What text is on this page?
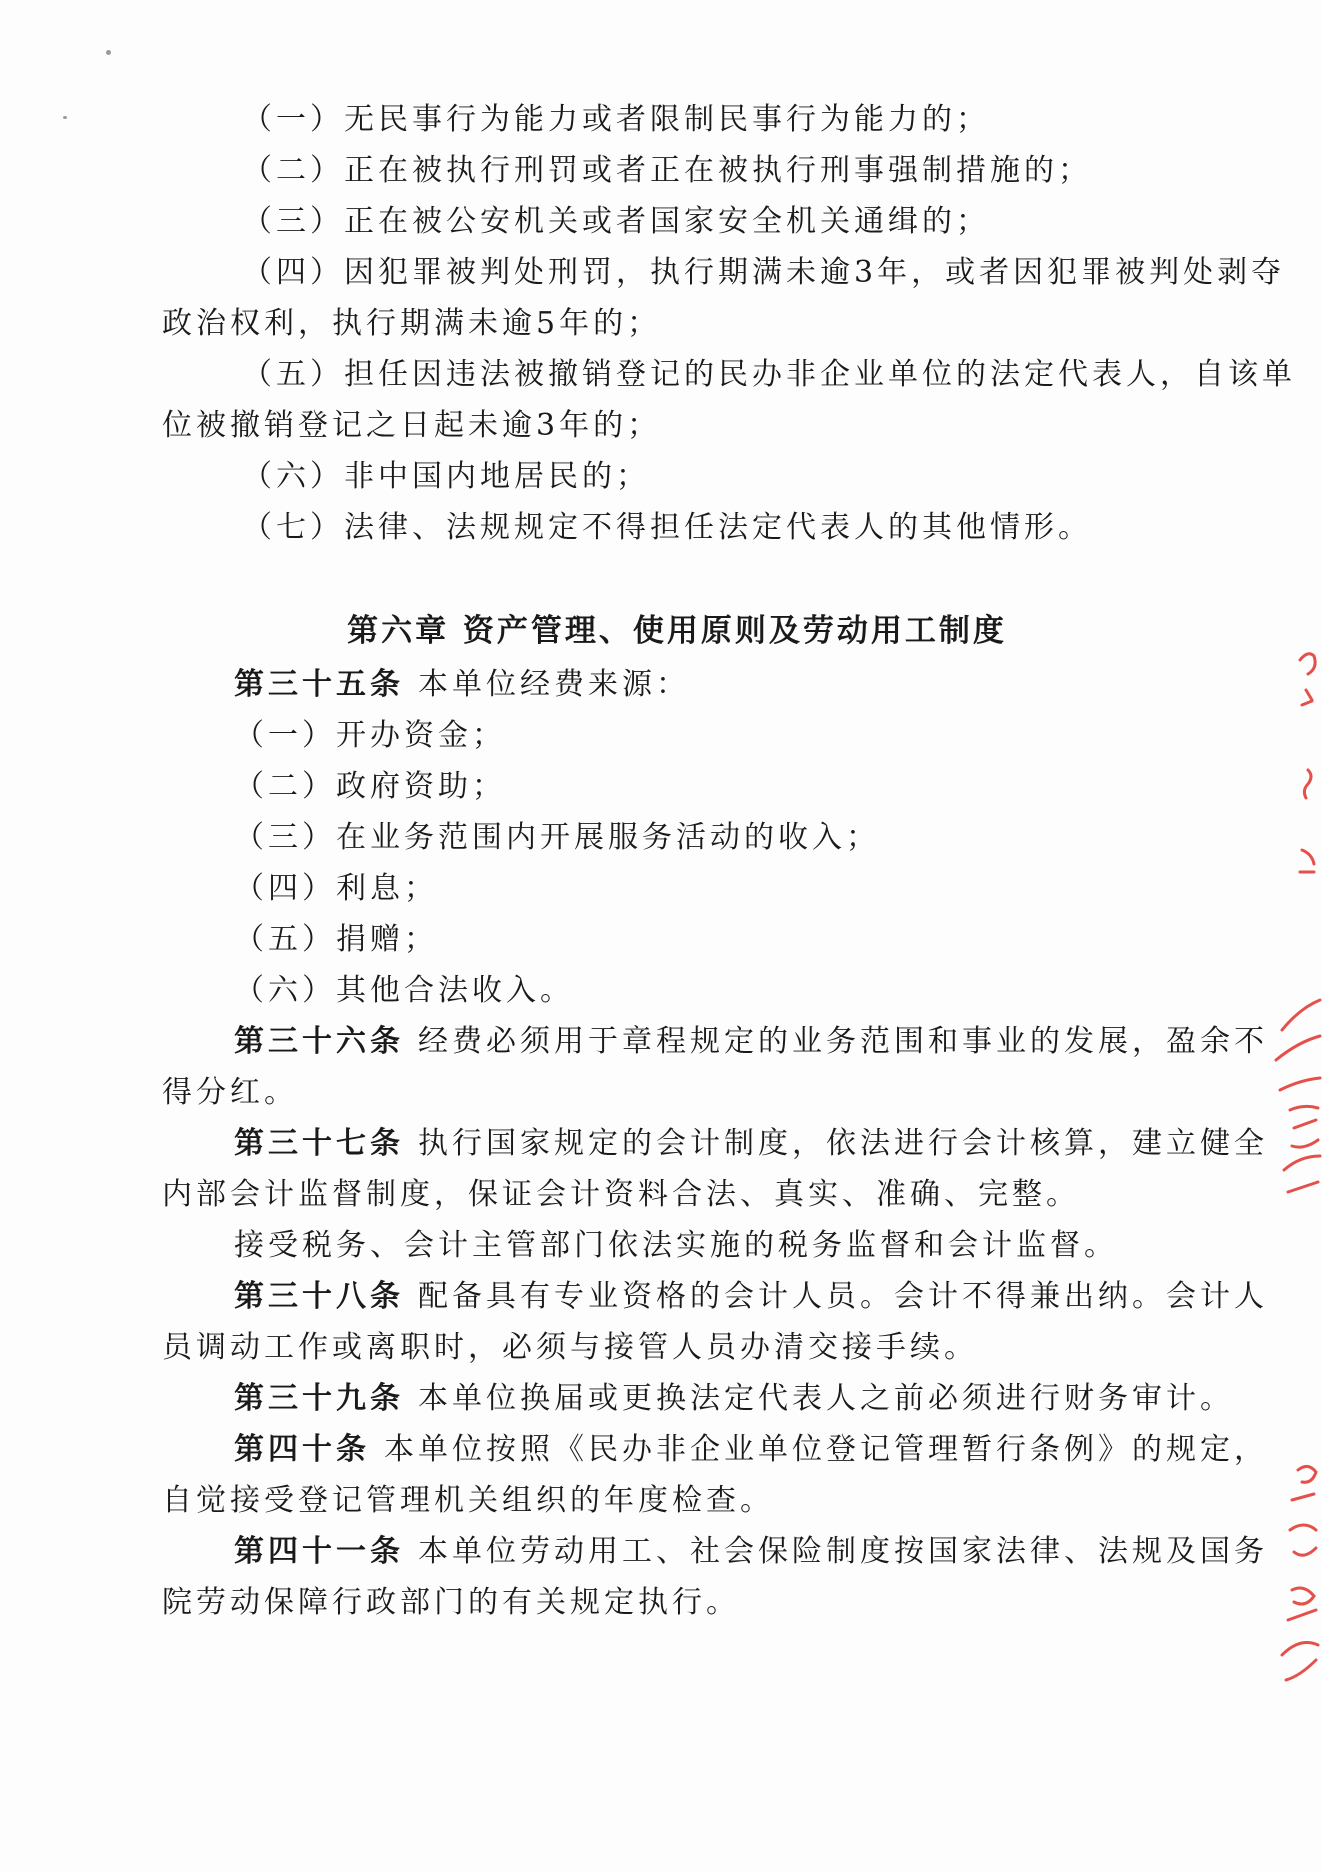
（一）无民事行为能力或者限制民事行为能力的；
（二）正在被执行刑罚或者正在被执行刑事强制措施的；
（三）正在被公安机关或者国家安全机关通缉的；
（四）因犯罪被判处刑罚，执行期满未逾3年，或者因犯罪被判处剥夺
政治权利，执行期满未逾5年的；
（五）担任因违法被撤销登记的民办非企业单位的法定代表人，自该单
位被撤销登记之日起未逾3年的；
（六）非中国内地居民的；
（七）法律、法规规定不得担任法定代表人的其他情形。
第六章 资产管理、使用原则及劳动用工制度
第三十五条 本单位经费来源：
（一）开办资金；
（二）政府资助；
（三）在业务范围内开展服务活动的收入；
（四）利息；
（五）捐赠；
（六）其他合法收入。
第三十六条 经费必须用于章程规定的业务范围和事业的发展，盈余不
得分红。
第三十七条 执行国家规定的会计制度，依法进行会计核算，建立健全
内部会计监督制度，保证会计资料合法、真实、准确、完整。
接受税务、会计主管部门依法实施的税务监督和会计监督。
第三十八条 配备具有专业资格的会计人员。会计不得兼出纳。会计人
员调动工作或离职时，必须与接管人员办清交接手续。
第三十九条 本单位换届或更换法定代表人之前必须进行财务审计。
第四十条 本单位按照《民办非企业单位登记管理暂行条例》的规定，
自觉接受登记管理机关组织的年度检查。
第四十一条 本单位劳动用工、社会保险制度按国家法律、法规及国务
院劳动保障行政部门的有关规定执行。
